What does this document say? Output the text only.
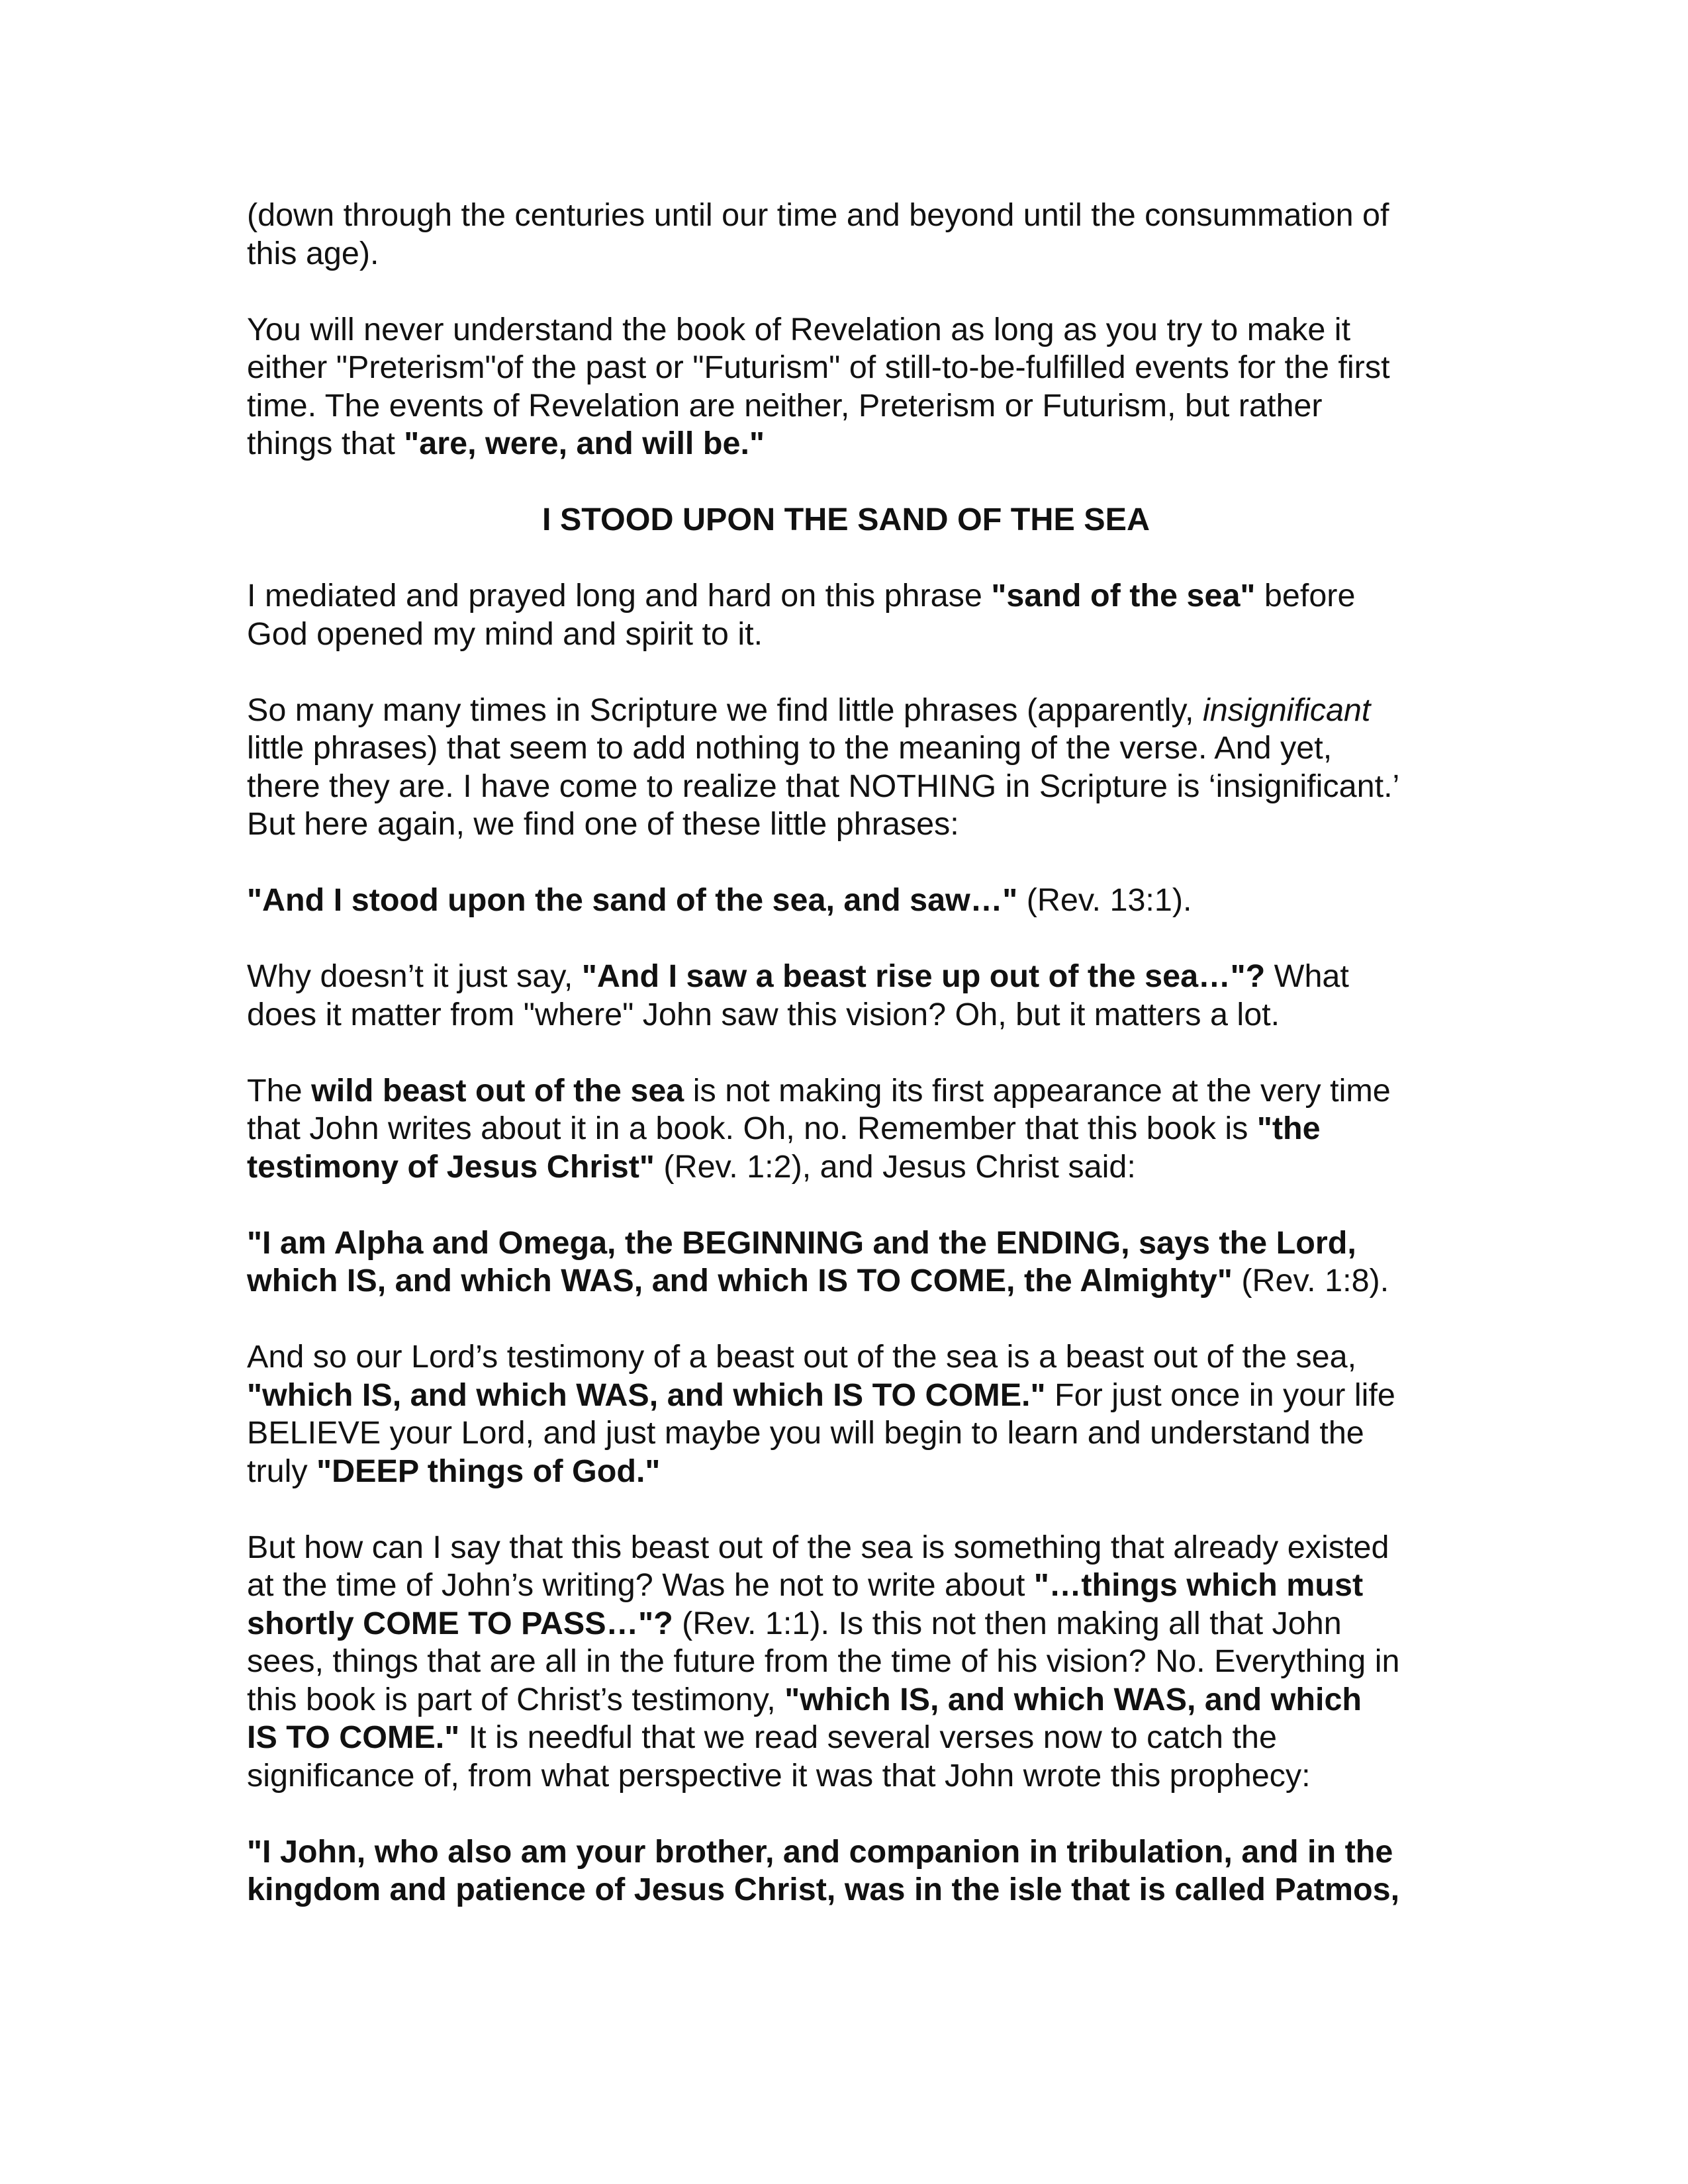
(down through the centuries until our time and beyond until the consummation of
this age).

You will never understand the book of Revelation as long as you try to make it
either "Preterism"of the past or "Futurism" of still-to-be-fulfilled events for the first
time. The events of Revelation are neither, Preterism or Futurism, but rather
things that "are, were, and will be."

I STOOD UPON THE SAND OF THE SEA

I mediated and prayed long and hard on this phrase "sand of the sea" before
God opened my mind and spirit to it.

So many many times in Scripture we find little phrases (apparently, insignificant
little phrases) that seem to add nothing to the meaning of the verse. And yet,
there they are. I have come to realize that NOTHING in Scripture is ‘insignificant.’
But here again, we find one of these little phrases:

"And I stood upon the sand of the sea, and saw…" (Rev. 13:1).

Why doesn’t it just say, "And I saw a beast rise up out of the sea…"? What
does it matter from "where" John saw this vision? Oh, but it matters a lot.

The wild beast out of the sea is not making its first appearance at the very time
that John writes about it in a book. Oh, no. Remember that this book is "the
testimony of Jesus Christ" (Rev. 1:2), and Jesus Christ said:

"I am Alpha and Omega, the BEGINNING and the ENDING, says the Lord,
which IS, and which WAS, and which IS TO COME, the Almighty" (Rev. 1:8).

And so our Lord’s testimony of a beast out of the sea is a beast out of the sea,
"which IS, and which WAS, and which IS TO COME." For just once in your life
BELIEVE your Lord, and just maybe you will begin to learn and understand the
truly "DEEP things of God."

But how can I say that this beast out of the sea is something that already existed
at the time of John’s writing? Was he not to write about "…things which must
shortly COME TO PASS…"? (Rev. 1:1). Is this not then making all that John
sees, things that are all in the future from the time of his vision? No. Everything in
this book is part of Christ’s testimony, "which IS, and which WAS, and which
IS TO COME." It is needful that we read several verses now to catch the
significance of, from what perspective it was that John wrote this prophecy:

"I John, who also am your brother, and companion in tribulation, and in the
kingdom and patience of Jesus Christ, was in the isle that is called Patmos,
